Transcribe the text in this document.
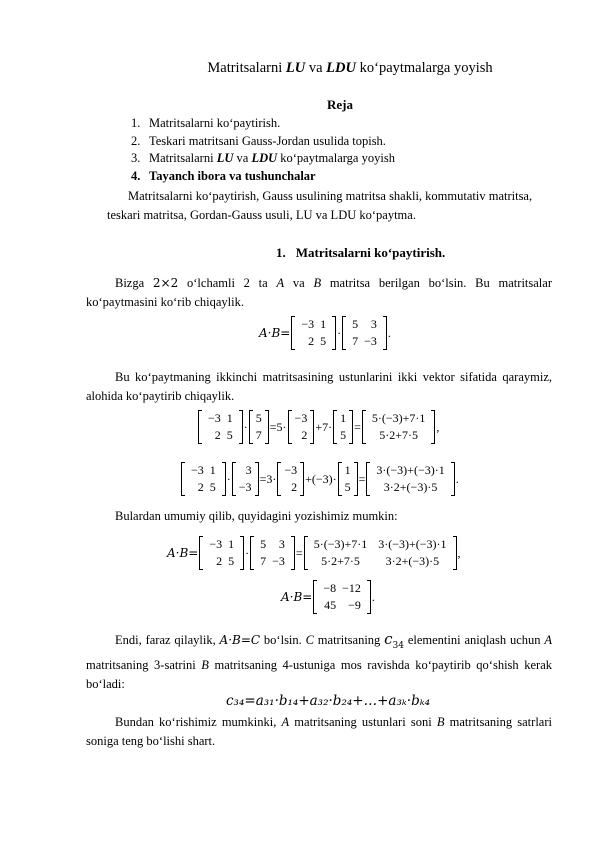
Matritsalarni LU va LDU ko‘paytmalarga yoyish
Reja
1. Matritsalarni ko‘paytirish.
2. Teskari matritsani Gauss-Jordan usulida topish.
3. Matritsalarni LU va LDU ko‘paytmalarga yoyish
4. Tayanch ibora va tushunchalar
Matritsalarni ko‘paytirish, Gauss usulining matritsa shakli, kommutativ matritsa, teskari matritsa, Gordan-Gauss usuli, LU va LDU ko‘paytma.
1. Matritsalarni ko‘paytirish.
Bizga 2×2 o‘lchamli 2 ta A va B matritsa berilgan bo‘lsin. Bu matritsalar ko‘paytmasini ko‘rib chiqaylik.
A·B=
−3	1
2	5
·
5	3
7	−3
.
Bu ko‘paytmaning ikkinchi matritsasining ustunlarini ikki vektor sifatida qaraymiz, alohida ko‘paytirib chiqaylik.
−3	1
2	5
·
5
7
=5·
−3
2
+7·
1
5
=
5·(−3)+7·1
5·2+7·5
,
−3	1
2	5
·
3
−3
=3·
−3
2
+(−3)·
1
5
=
3·(−3)+(−3)·1
3·2+(−3)·5
.
Bulardan umumiy qilib, quyidagini yozishimiz mumkin:
A·B=
−3	1
2	5
·
5	3
7	−3
=
5·(−3)+7·1	3·(−3)+(−3)·1
5·2+7·5	3·2+(−3)·5
,
A·B=
−8	−12
45	−9
.
Endi, faraz qilaylik, A·B=C bo‘lsin. C matritsaning $c_{34}$ elementini aniqlash uchun A matritsaning 3-satrini B matritsaning 4-ustuniga mos ravishda ko‘paytirib qo‘shish kerak bo‘ladi:
c₃₄=a₃₁·b₁₄+a₃₂·b₂₄+…+a₃ₖ·bₖ₄
Bundan ko‘rishimiz mumkinki, A matritsaning ustunlari soni B matritsaning satrlari soniga teng bo‘lishi shart.
